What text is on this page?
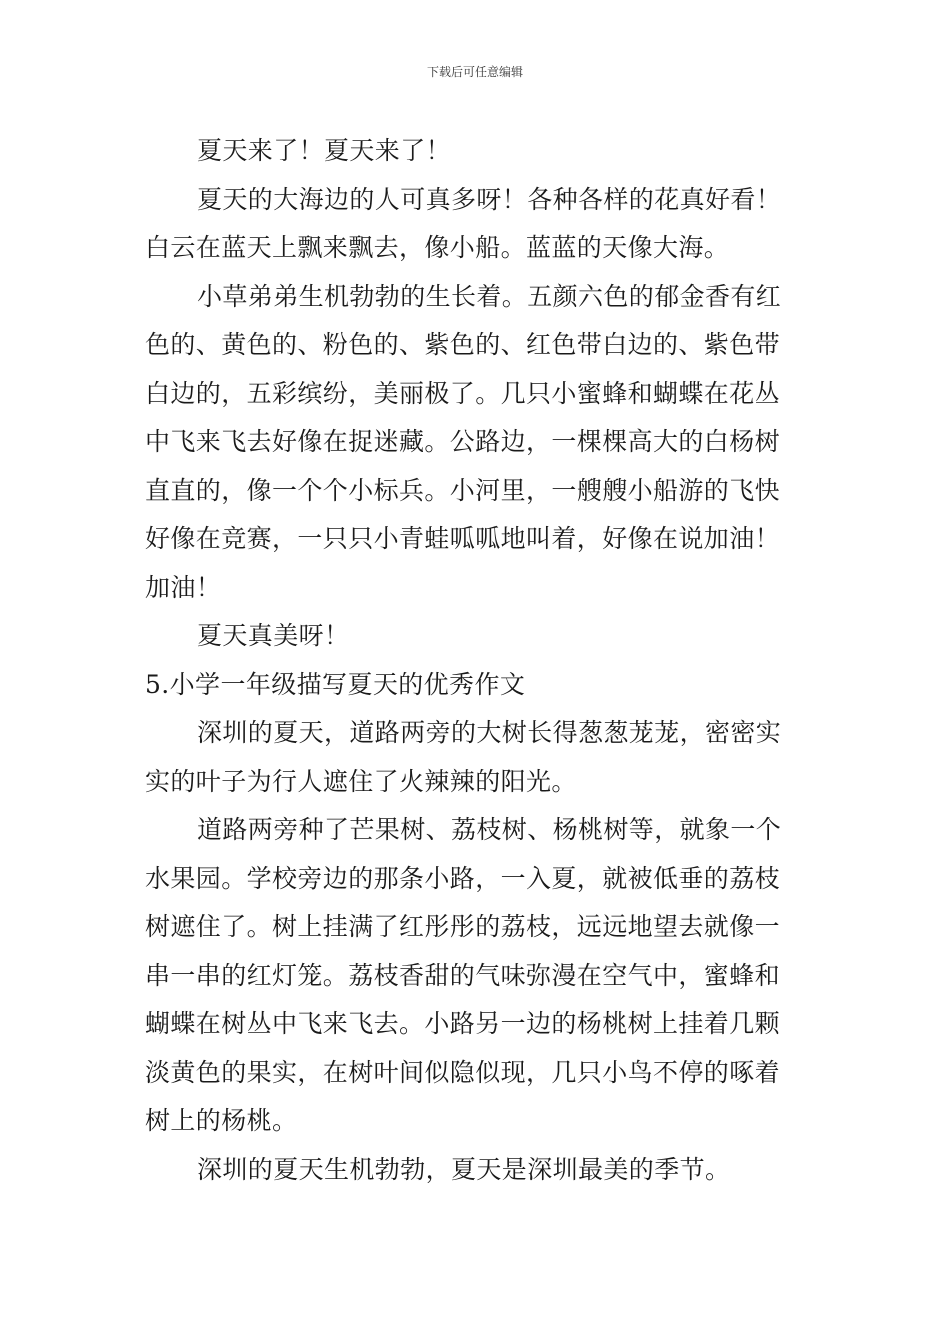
下载后可任意编辑

夏天来了！夏天来了！

夏天的大海边的人可真多呀！各种各样的花真好看！

白云在蓝天上飘来飘去，像小船。蓝蓝的天像大海。

小草弟弟生机勃勃的生长着。五颜六色的郁金香有红

色的、黄色的、粉色的、紫色的、红色带白边的、紫色带

白边的，五彩缤纷，美丽极了。几只小蜜蜂和蝴蝶在花丛

中飞来飞去好像在捉迷藏。公路边，一棵棵高大的白杨树

直直的，像一个个小标兵。小河里，一艘艘小船游的飞快

好像在竞赛，一只只小青蛙呱呱地叫着，好像在说加油！

加油！

夏天真美呀！

5.小学一年级描写夏天的优秀作文

深圳的夏天，道路两旁的大树长得葱葱茏茏，密密实

实的叶子为行人遮住了火辣辣的阳光。

道路两旁种了芒果树、荔枝树、杨桃树等，就象一个

水果园。学校旁边的那条小路，一入夏，就被低垂的荔枝

树遮住了。树上挂满了红彤彤的荔枝，远远地望去就像一

串一串的红灯笼。荔枝香甜的气味弥漫在空气中，蜜蜂和

蝴蝶在树丛中飞来飞去。小路另一边的杨桃树上挂着几颗

淡黄色的果实，在树叶间似隐似现，几只小鸟不停的啄着

树上的杨桃。

深圳的夏天生机勃勃，夏天是深圳最美的季节。
